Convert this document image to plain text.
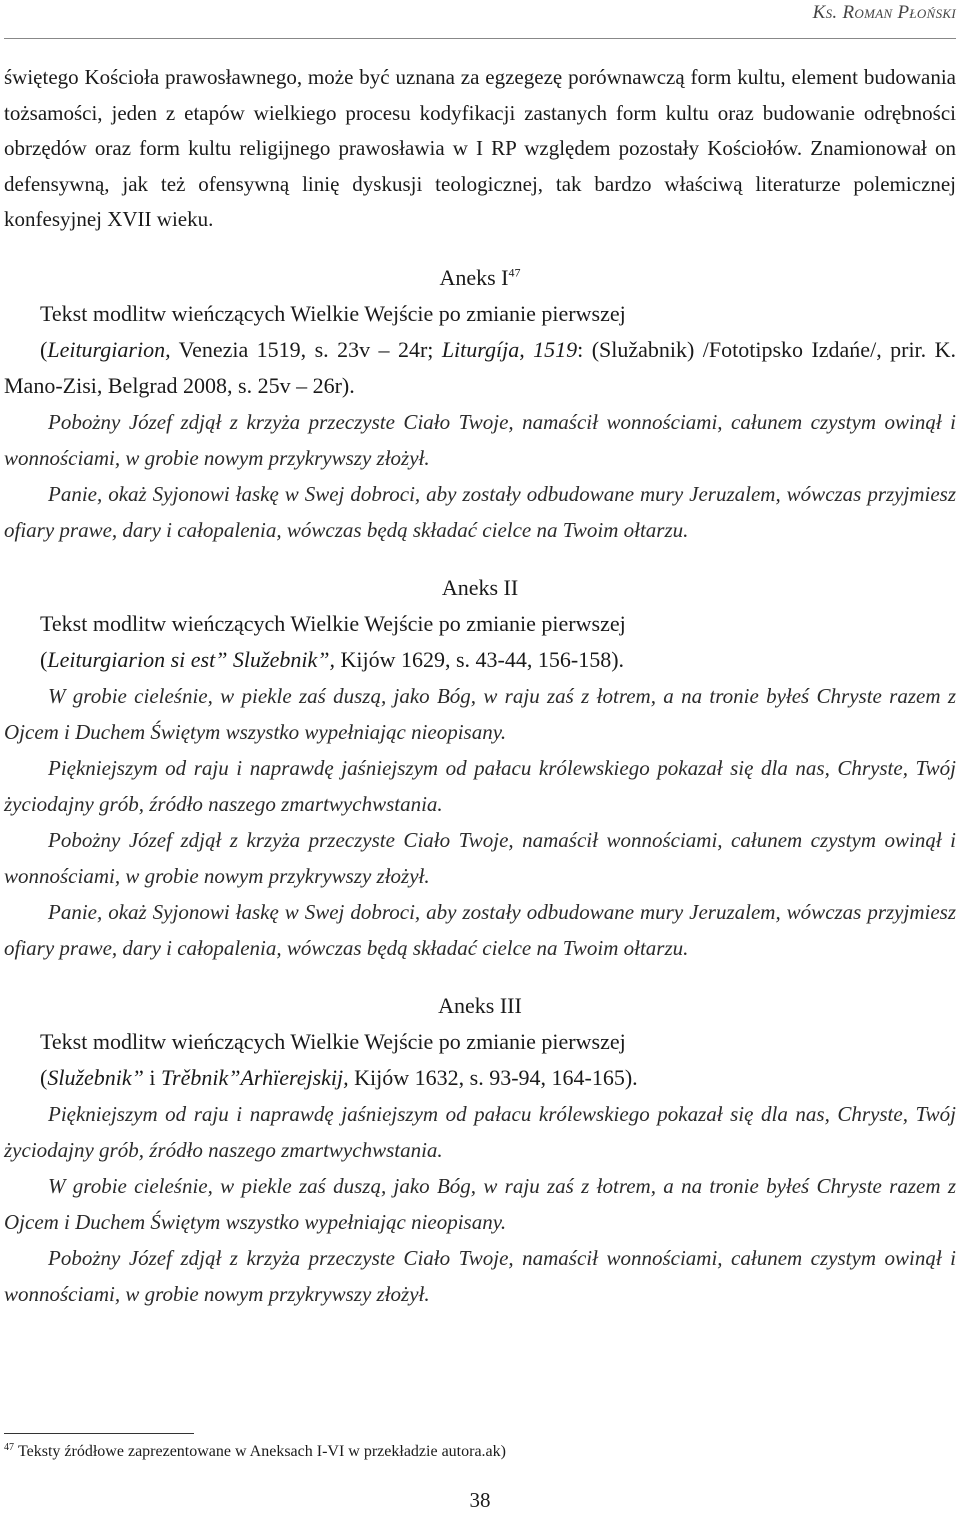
Ks. Roman Płoński

świętego Kościoła prawosławnego, może być uznana za egzegezę porównawczą form kultu, element budowania tożsamości, jeden z etapów wielkiego procesu kodyfikacji zastanych form kultu oraz budowanie odrębności obrzędów oraz form kultu religijnego prawosławia w I RP względem pozostały Kościołów. Znamionował on defensywną, jak też ofensywną linię dyskusji teologicznej, tak bardzo właściwą literaturze polemicznej konfesyjnej XVII wieku.

Aneks $I^{47}$

Tekst modlitw wieńczących Wielkie Wejście po zmianie pierwszej

(Leiturgiarion, Venezia 1519, s. 23v – 24r; Liturgíja, 1519: (Služabnik) /Fototipsko Izdańe/, prir. K. Mano-Zisi, Belgrad 2008, s. 25v – 26r).

Pobożny Józef zdjął z krzyża przeczyste Ciało Twoje, namaścił wonnościami, całunem czystym owinął i wonnościami, w grobie nowym przykrywszy złożył.

Panie, okaż Syjonowi łaskę w Swej dobroci, aby zostały odbudowane mury Jeruzalem, wówczas przyjmiesz ofiary prawe, dary i całopalenia, wówczas będą składać cielce na Twoim ołtarzu.

Aneks II

Tekst modlitw wieńczących Wielkie Wejście po zmianie pierwszej

(Leiturgiarion si est” Služebnik”, Kijów 1629, s. 43-44, 156-158).

W grobie cieleśnie, w piekle zaś duszą, jako Bóg, w raju zaś z łotrem, a na tronie byłeś Chryste razem z Ojcem i Duchem Świętym wszystko wypełniając nieopisany.

Piękniejszym od raju i naprawdę jaśniejszym od pałacu królewskiego pokazał się dla nas, Chryste, Twój życiodajny grób, źródło naszego zmartwychwstania.

Pobożny Józef zdjął z krzyża przeczyste Ciało Twoje, namaścił wonnościami, całunem czystym owinął i wonnościami, w grobie nowym przykrywszy złożył.

Panie, okaż Syjonowi łaskę w Swej dobroci, aby zostały odbudowane mury Jeruzalem, wówczas przyjmiesz ofiary prawe, dary i całopalenia, wówczas będą składać cielce na Twoim ołtarzu.

Aneks III

Tekst modlitw wieńczących Wielkie Wejście po zmianie pierwszej

(Služebnik” i Trěbnik”Arhïerejskij, Kijów 1632, s. 93-94, 164-165).

Piękniejszym od raju i naprawdę jaśniejszym od pałacu królewskiego pokazał się dla nas, Chryste, Twój życiodajny grób, źródło naszego zmartwychwstania.

W grobie cieleśnie, w piekle zaś duszą, jako Bóg, w raju zaś z łotrem, a na tronie byłeś Chryste razem z Ojcem i Duchem Świętym wszystko wypełniając nieopisany.

Pobożny Józef zdjął z krzyża przeczyste Ciało Twoje, namaścił wonnościami, całunem czystym owinął i wonnościami, w grobie nowym przykrywszy złożył.

$^{47}$ Teksty źródłowe zaprezentowane w Aneksach I-VI w przekładzie autora.ak)
38
